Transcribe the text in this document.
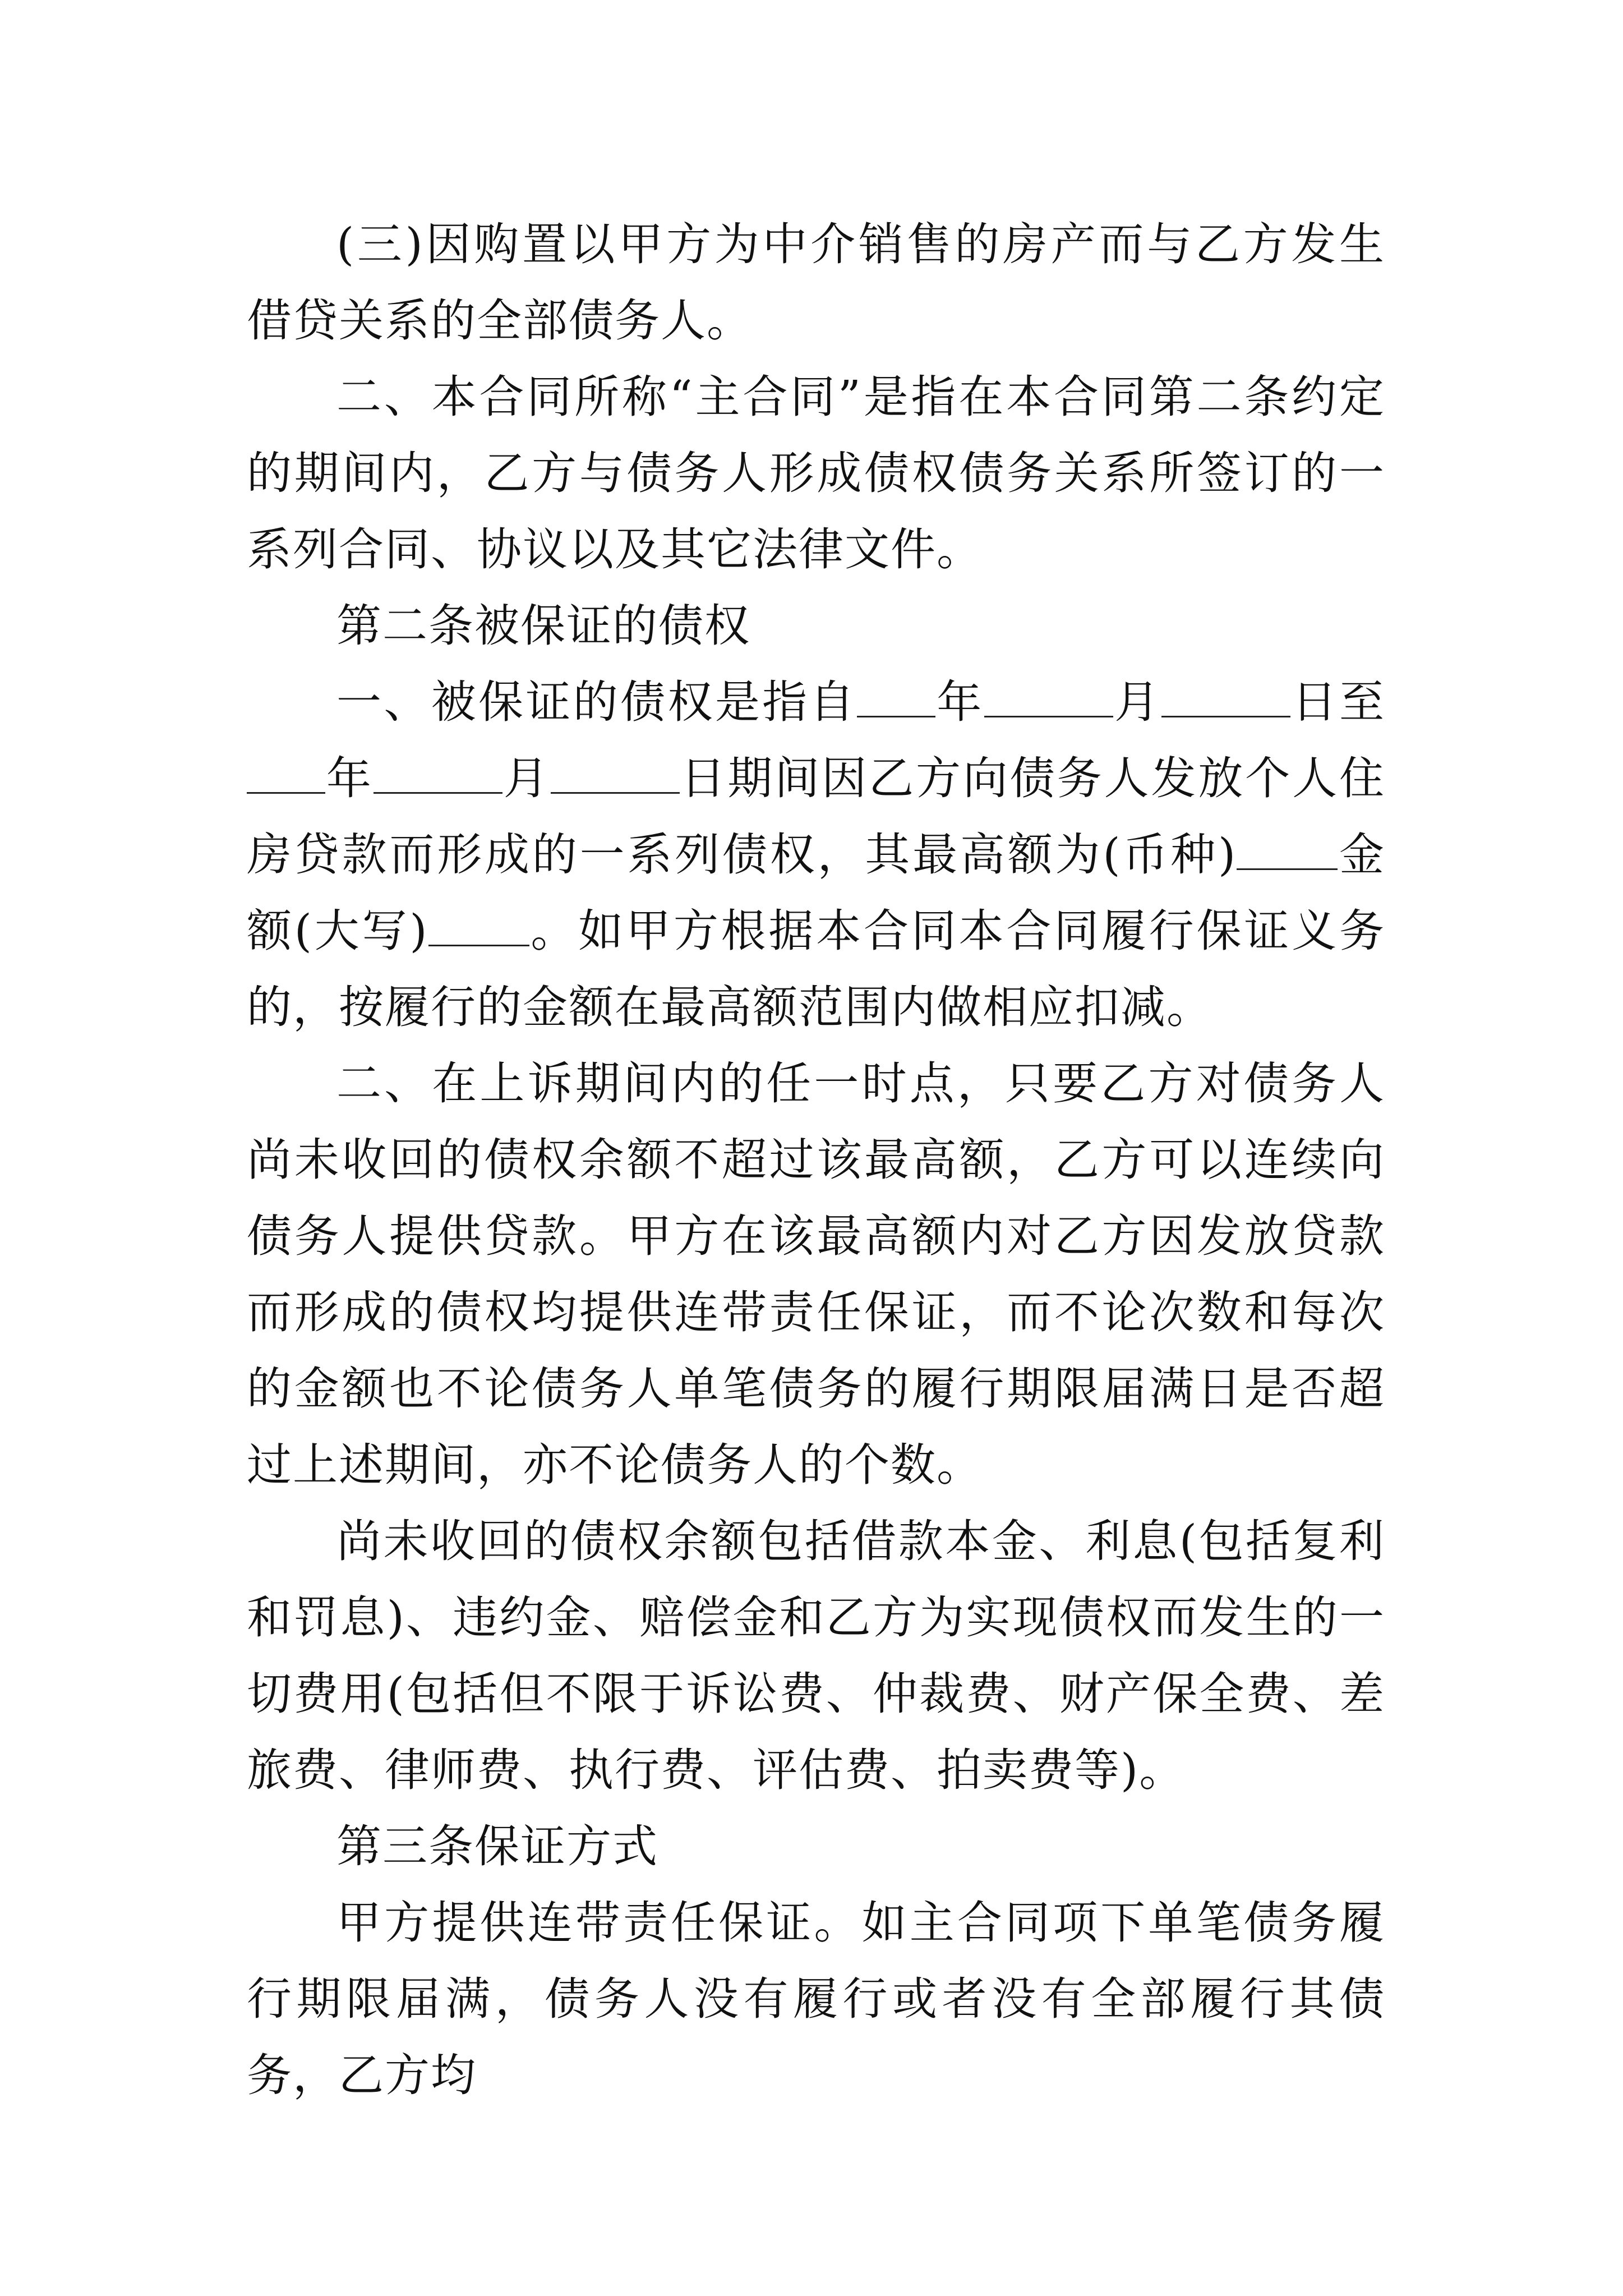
(三)因购置以甲方为中介销售的房产而与乙方发生借贷关系的全部债务人。

二、本合同所称“主合同”是指在本合同第二条约定的期间内，乙方与债务人形成债权债务关系所签订的一系列合同、协议以及其它法律文件。

第二条被保证的债权

一、被保证的债权是指自 年	月	日至年	月	日期间因乙方向债务人发放个人住房贷款而形成的一系列债权，其最高额为(币种) 金额(大写) 。如甲方根据本合同本合同履行保证义务的，按履行的金额在最高额范围内做相应扣减。

二、在上诉期间内的任一时点，只要乙方对债务人尚未收回的债权余额不超过该最高额，乙方可以连续向债务人提供贷款。甲方在该最高额内对乙方因发放贷款而形成的债权均提供连带责任保证，而不论次数和每次的金额也不论债务人单笔债务的履行期限届满日是否超过上述期间，亦不论债务人的个数。

尚未收回的债权余额包括借款本金、利息(包括复利和罚息)、违约金、赔偿金和乙方为实现债权而发生的一切费用(包括但不限于诉讼费、仲裁费、财产保全费、差旅费、律师费、执行费、评估费、拍卖费等)。

第三条保证方式

甲方提供连带责任保证。如主合同项下单笔债务履行期限届满，债务人没有履行或者没有全部履行其债务，乙方均
